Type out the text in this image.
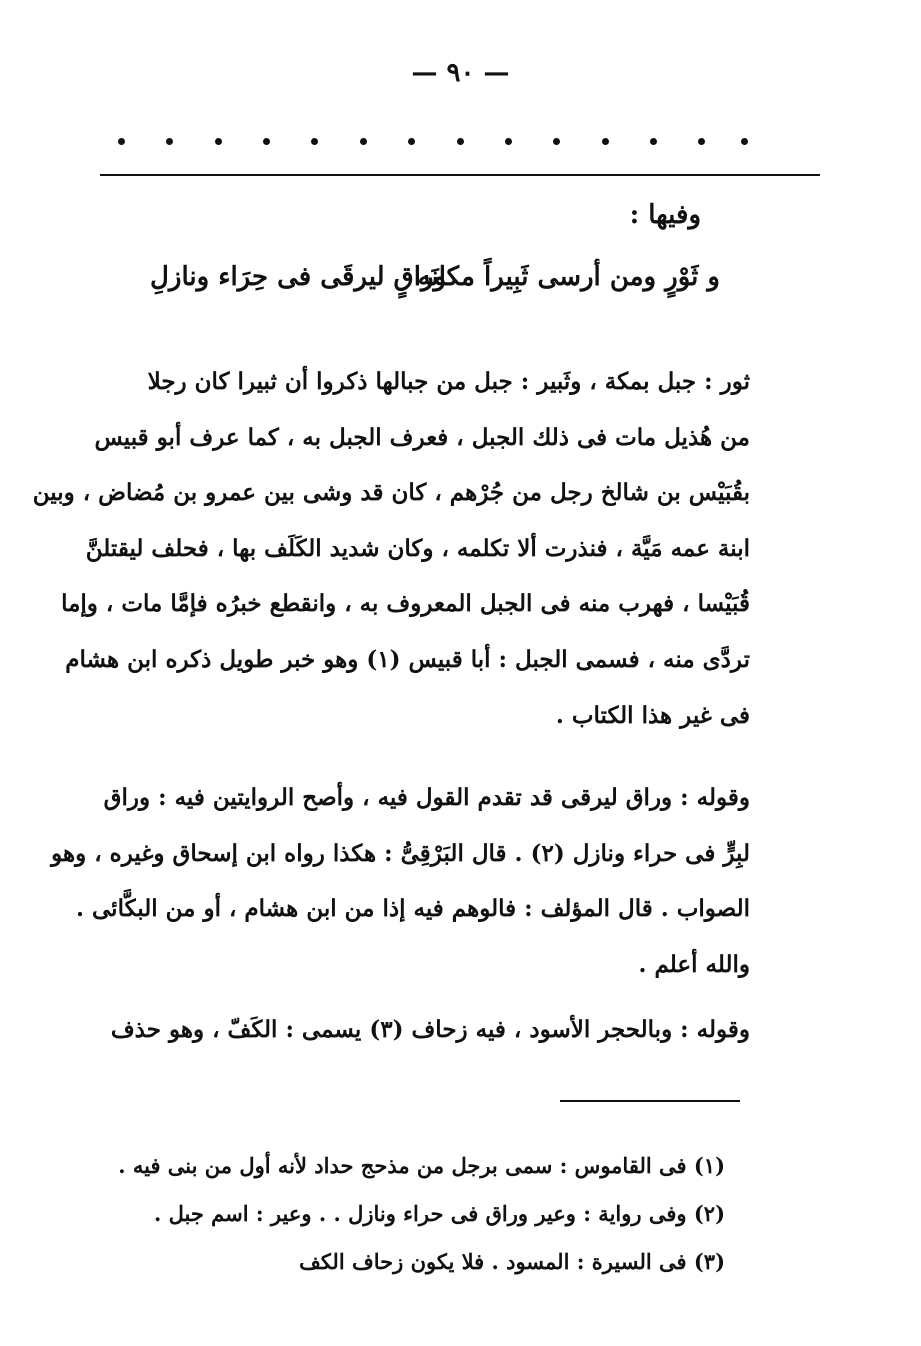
— ٩٠ —
وفيها :
و ثَوْرٍ ومن أرسى ثَبِيراً مكانَه
وراقٍ ليرقَى فى حِرَاء ونازلِ

ثور : جبل بمكة ، وثَبير : جبل من جبالها ذكروا أن ثبيرا كان رجلا

من هُذيل مات فى ذلك الجبل ، فعرف الجبل به ، كما عرف أبو قبيس

بقُبَيْس بن شالخ رجل من جُرْهم ، كان قد وشى بين عمرو بن مُضاض ، وبين

ابنة عمه مَيَّة ، فنذرت ألا تكلمه ، وكان شديد الكَلَف بها ، فحلف ليقتلنَّ

قُبَيْسا ، فهرب منه فى الجبل المعروف به ، وانقطع خبرُه فإمَّا مات ، وإما

تردَّى منه ، فسمى الجبل : أبا قبيس (١) وهو خبر طويل ذكره ابن هشام

فى غير هذا الكتاب .

وقوله : وراق ليرقى قد تقدم القول فيه ، وأصح الروايتين فيه : وراق

لبِرٍّ فى حراء ونازل (٢) . قال البَرْقِىُّ : هكذا رواه ابن إسحاق وغيره ، وهو

الصواب . قال المؤلف : فالوهم فيه إذا من ابن هشام ، أو من البكَّائى .

والله أعلم .

وقوله : وبالحجر الأسود ، فيه زحاف (٣) يسمى : الكَفّ ، وهو حذف

(١) فى القاموس : سمى برجل من مذحج حداد لأنه أول من بنى فيه .

(٢) وفى رواية : وعير وراق فى حراء ونازل . . وعير : اسم جبل .

(٣) فى السيرة : المسود . فلا يكون زحاف الكف
